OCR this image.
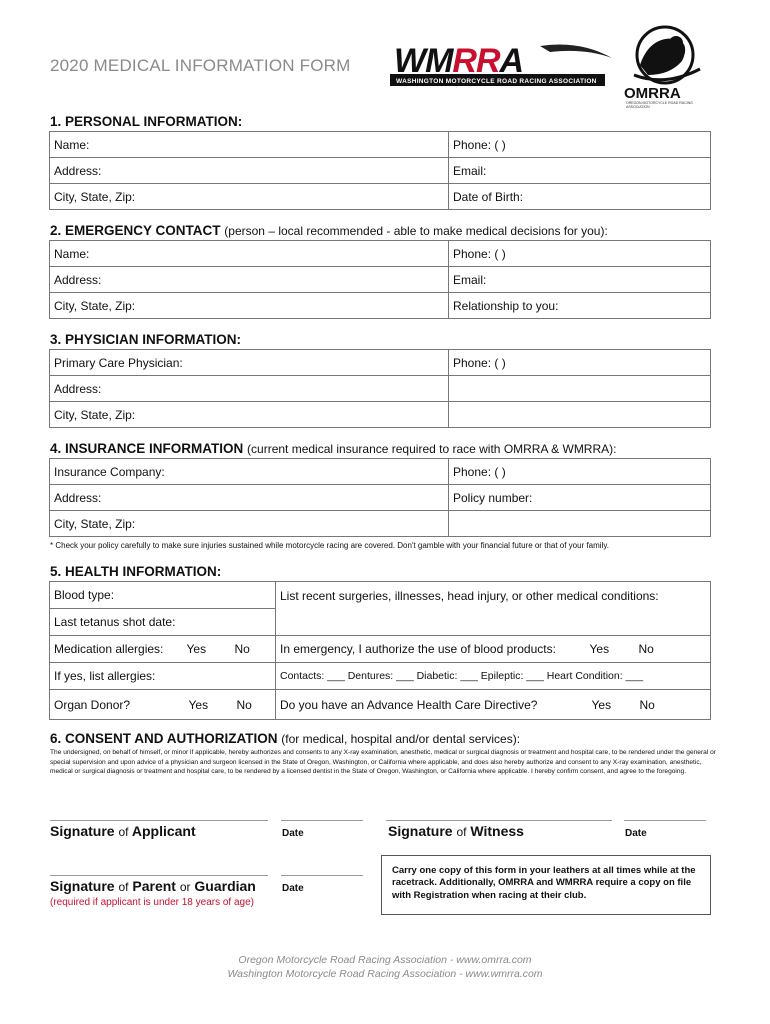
2020 MEDICAL INFORMATION FORM WMRRA
WASHINGTON MOTORCYCLE ROAD RACING ASSOCIATION
OMRRA
OREGON MOTORCYCLE ROAD RACING ASSOCIATION
1. PERSONAL INFORMATION:
Name:	Phone: ( )
Address:	Email:
City, State, Zip:	Date of Birth:
2. EMERGENCY CONTACT (person – local recommended - able to make medical decisions for you):
Name:	Phone: ( )
Address:	Email:
City, State, Zip:	Relationship to you:
3. PHYSICIAN INFORMATION:
Primary Care Physician:	Phone: ( )
Address:	
City, State, Zip:	
4. INSURANCE INFORMATION (current medical insurance required to race with OMRRA & WMRRA):
Insurance Company:	Phone: ( )
Address:	Policy number:
City, State, Zip:	
* Check your policy carefully to make sure injuries sustained while motorcycle racing are covered. Don't gamble with your financial future or that of your family.
5. HEALTH INFORMATION:
Blood type:	List recent surgeries, illnesses, head injury, or other medical conditions:
Last tetanus shot date:	
Medication allergies: Yes No	In emergency, I authorize the use of blood products: Yes No

If yes, list allergies:	Contacts: ___ Dentures: ___ Diabetic: ___ Epileptic: ___ Heart Condition: ___
Organ Donor? Yes No	Do you have an Advance Health Care Directive? Yes No
6. CONSENT AND AUTHORIZATION (for medical, hospital and/or dental services):
The undersigned, on behalf of himself, or minor if applicable, hereby authorizes and consents to any X-ray examination, anesthetic, medical or surgical diagnosis or treatment and hospital care, to be rendered under the general or special supervision and upon advice of a physician and surgeon licensed in the State of Oregon, Washington, or California where applicable, and does also hereby authorize and consent to any X-ray examination, anesthetic, medical or surgical diagnosis or treatment and hospital care, to be rendered by a licensed dentist in the State of Oregon, Washington, or California where applicable. I hereby confirm consent, and agree to the foregoing.
Signature of Applicant	Date	Signature of Witness	Date
Signature of Parent or Guardian	Date
(required if applicant is under 18 years of age)
Carry one copy of this form in your leathers at all times while at the racetrack. Additionally, OMRRA and WMRRA require a copy on file with Registration when racing at their club.
Oregon Motorcycle Road Racing Association - www.omrra.com
Washington Motorcycle Road Racing Association - www.wmrra.com
